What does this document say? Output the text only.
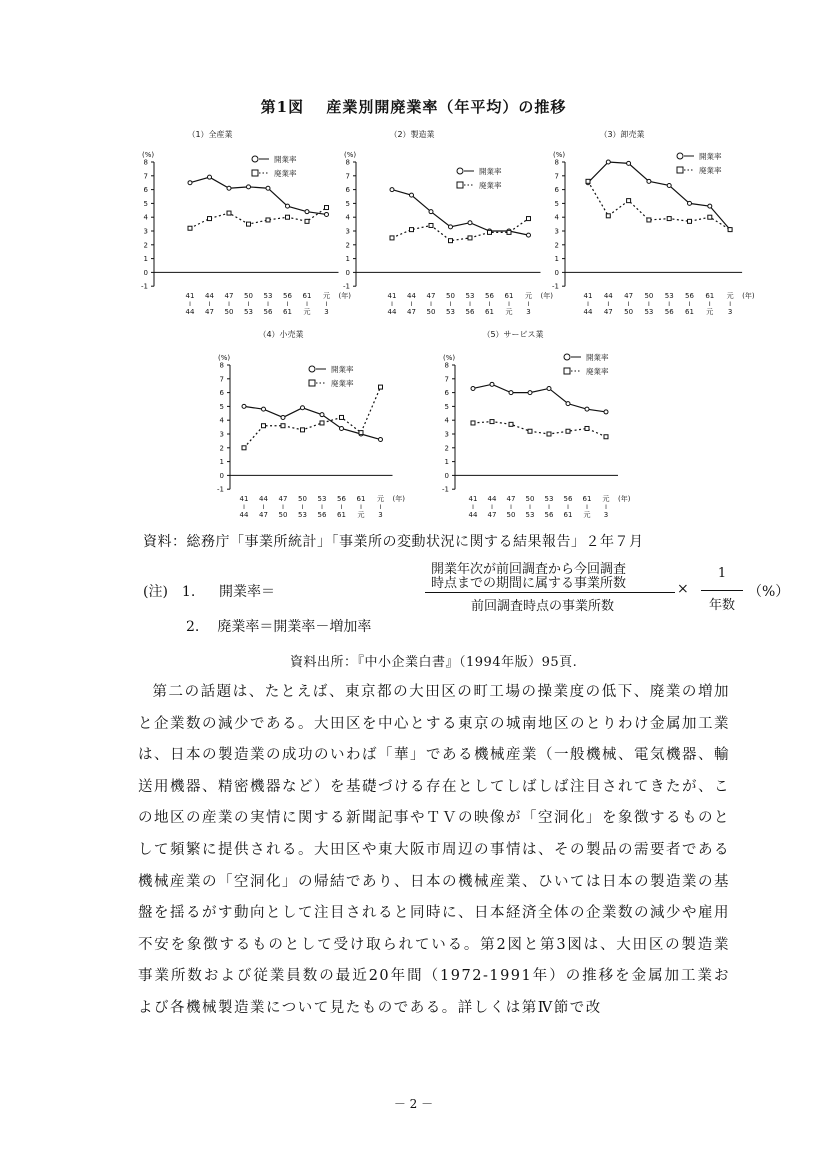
第1図　 産業別開廃業率（年平均）の推移
（1）全産業
(%)
-1
0
1
2
3
4
5
6
7
8
41
I
44
44
I
47
47
I
50
50
I
53
53
I
56
56
I
61
61
I
元
元
I
3
(年)
開業率
廃業率
（2）製造業
(%)
-1
0
1
2
3
4
5
6
7
8
41
I
44
44
I
47
47
I
50
50
I
53
53
I
56
56
I
61
61
I
元
元
I
3
(年)
開業率
廃業率
（3）卸売業
(%)
-1
0
1
2
3
4
5
6
7
8
41
I
44
44
I
47
47
I
50
50
I
53
53
I
56
56
I
61
61
I
元
元
I
3
(年)
開業率
廃業率
（4）小売業
(%)
-1
0
1
2
3
4
5
6
7
8
41
I
44
44
I
47
47
I
50
50
I
53
53
I
56
56
I
61
61
I
元
元
I
3
(年)
開業率
廃業率
（5）サービス業
(%)
-1
0
1
2
3
4
5
6
7
8
41
I
44
44
I
47
47
I
50
50
I
53
53
I
56
56
I
61
61
I
元
元
I
3
(年)
開業率
廃業率
資料：総務庁「事業所統計」「事業所の変動状況に関する結果報告」２年７月
(注)　1. 開業率＝
開業年次が前回調査から今回調査
時点までの期間に属する事業所数
前回調査時点の事業所数
×
1
年数
（%）
2. 廃業率＝開業率－増加率
資料出所：『中小企業白書』（1994年版）95頁.

第二の話題は、たとえば、東京都の大田区の町工場の操業度の低下、廃業の増加と企業数の減少である。大田区を中心とする東京の城南地区のとりわけ金属加工業は、日本の製造業の成功のいわば「華」である機械産業（一般機械、電気機器、輸送用機器、精密機器など）を基礎づける存在としてしばしば注目されてきたが、この地区の産業の実情に関する新聞記事やＴＶの映像が「空洞化」を象徴するものとして頻繁に提供される。大田区や東大阪市周辺の事情は、その製品の需要者である機械産業の「空洞化」の帰結であり、日本の機械産業、ひいては日本の製造業の基盤を揺るがす動向として注目されると同時に、日本経済全体の企業数の減少や雇用不安を象徴するものとして受け取られている。第2図と第3図は、大田区の製造業事業所数および従業員数の最近20年間（1972-1991年）の推移を金属加工業および各機械製造業について見たものである。詳しくは第Ⅳ節で改

－ 2 －
